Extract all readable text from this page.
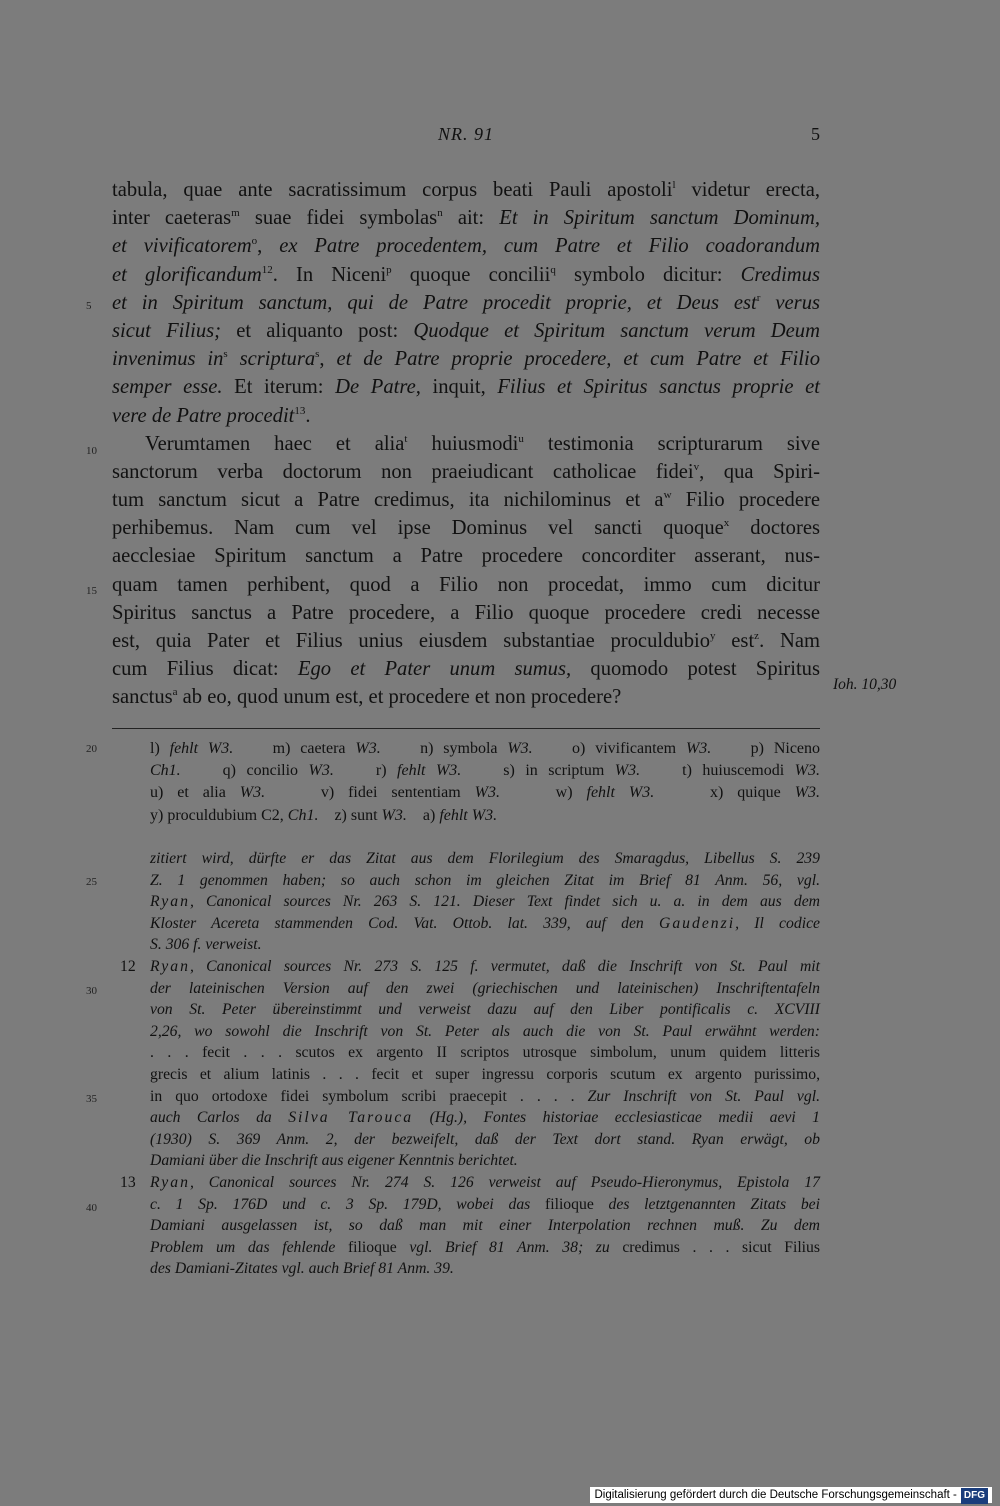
NR. 91	5
tabula, quae ante sacratissimum corpus beati Pauli apostoli$^l$ videtur erecta,
inter caeteras$^m$ suae fidei symbolas$^n$ ait: Et in Spiritum sanctum Dominum,
et vivificatorem$^o$, ex Patre procedentem, cum Patre et Filio coadorandum
et glorificandum$^{12}$. In Niceni$^p$ quoque concilii$^q$ symbolo dicitur: Credimus
et in Spiritum sanctum, qui de Patre procedit proprie, et Deus est$^r$ verus
sicut Filius; et aliquanto post: Quodque et Spiritum sanctum verum Deum
invenimus $in^s$ scriptura$^s$, et de Patre proprie procedere, et cum Patre et Filio
semper esse. Et iterum: De Patre, inquit, Filius et Spiritus sanctus proprie et
vere de Patre procedit$^{13}$.
Verumtamen haec et alia$^t$ huiusmodi$^u$ testimonia scripturarum sive
sanctorum verba doctorum non praeiudicant catholicae fidei$^v$, qua Spiri-
tum sanctum sicut a Patre credimus, ita nichilominus et $a^w$ Filio procedere
perhibemus. Nam cum vel ipse Dominus vel sancti quoque$^x$ doctores
aecclesiae Spiritum sanctum a Patre procedere concorditer asserant, nus-
quam tamen perhibent, quod a Filio non procedat, immo cum dicitur
Spiritus sanctus a Patre procedere, a Filio quoque procedere credi necesse
est, quia Pater et Filius unius eiusdem substantiae proculdubio$^y$ est$^z$. Nam
cum Filius dicat: Ego et Pater unum sumus, quomodo potest Spiritus
sanctus$^a$ ab eo, quod unum est, et procedere et non procedere?
5
10
15
Ioh. 10,30
20	l) fehlt W3.    m) caetera W3.    n) symbola W3.    o) vivificantem W3.    p) Niceno
Ch1.    q) concilio W3.    r) fehlt W3.    s) in scriptum W3.    t) huiuscemodi W3.
u) et alia W3.    v) fidei sententiam W3.    w) fehlt W3.    x) quique W3.
y) proculdubium C2, Ch1.    z) sunt W3.    a) fehlt W3.
25
30
35
40
zitiert wird, dürfte er das Zitat aus dem Florilegium des Smaragdus, Libellus S. 239
Z. 1 genommen haben; so auch schon im gleichen Zitat im Brief 81 Anm. 56, vgl.
Ryan, Canonical sources Nr. 263 S. 121. Dieser Text findet sich u. a. in dem aus dem
Kloster Acereta stammenden Cod. Vat. Ottob. lat. 339, auf den Gaudenzi, Il codice
S. 306 f. verweist.
12 Ryan, Canonical sources Nr. 273 S. 125 f. vermutet, daß die Inschrift von St. Paul mit
der lateinischen Version auf den zwei (griechischen und lateinischen) Inschriftentafeln
von St. Peter übereinstimmt und verweist dazu auf den Liber pontificalis c. XCVIII
2,26, wo sowohl die Inschrift von St. Peter als auch die von St. Paul erwähnt werden:
. . . fecit . . . scutos ex argento II scriptos utrosque simbolum, unum quidem litteris
grecis et alium latinis . . . fecit et super ingressu corporis scutum ex argento purissimo,
in quo ortodoxe fidei symbolum scribi praecepit . . . . Zur Inschrift von St. Paul vgl.
auch Carlos da Silva Tarouca (Hg.), Fontes historiae ecclesiasticae medii aevi 1
(1930) S. 369 Anm. 2, der bezweifelt, daß der Text dort stand. Ryan erwägt, ob
Damiani über die Inschrift aus eigener Kenntnis berichtet.
13 Ryan, Canonical sources Nr. 274 S. 126 verweist auf Pseudo-Hieronymus, Epistola 17
c. 1 Sp. 176D und c. 3 Sp. 179D, wobei das filioque des letztgenannten Zitats bei
Damiani ausgelassen ist, so daß man mit einer Interpolation rechnen muß. Zu dem
Problem um das fehlende filioque vgl. Brief 81 Anm. 38; zu credimus . . . sicut Filius
des Damiani-Zitates vgl. auch Brief 81 Anm. 39.
Digitalisierung gefördert durch die Deutsche Forschungsgemeinschaft - DFG
